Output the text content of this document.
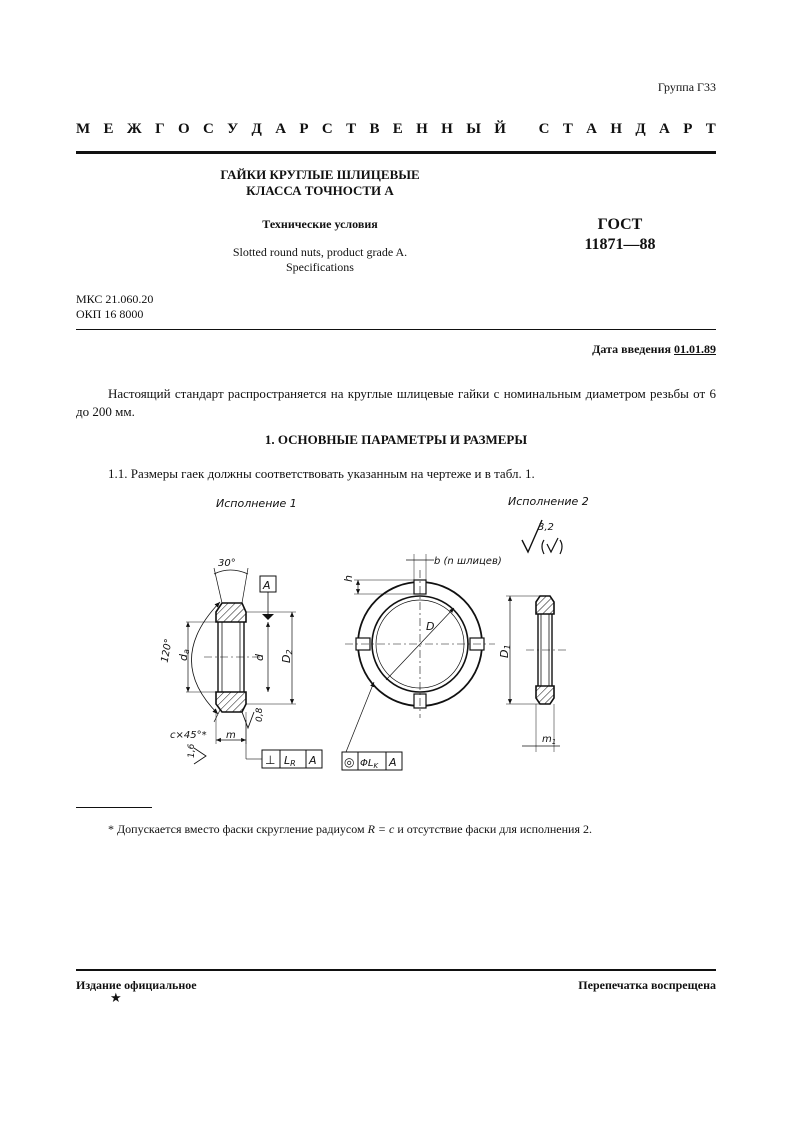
Группа Г33
М Е Ж Г О С У Д А Р С Т В Е Н Н Ы Й С Т А Н Д А Р Т
ГАЙКИ КРУГЛЫЕ ШЛИЦЕВЫЕ
КЛАССА ТОЧНОСТИ А
Технические условия
Slotted round nuts, product grade A.
Specifications
ГОСТ
11871—88
МКС 21.060.20
ОКП 16 8000
Дата введения 01.01.89
Настоящий стандарт распространяется на круглые шлицевые гайки с номинальным диаметром резьбы от 6 до 200 мм.
1. ОСНОВНЫЕ ПАРАМЕТРЫ И РАЗМЕРЫ
1.1. Размеры гаек должны соответствовать указанным на чертеже и в табл. 1.
Исполнение 1	Исполнение 2
3,2
30°
120°
A
da
d D2
c×45°*
0,8
1,6
m
⊥ LR A
D
h
b (n шлицев)
◎ $\Phi L_K$ A
D1
$m_1$
* Допускается вместо фаски скругление радиусом R = c и отсутствие фаски для исполнения 2.
Издание официальное
★
Перепечатка воспрещена
